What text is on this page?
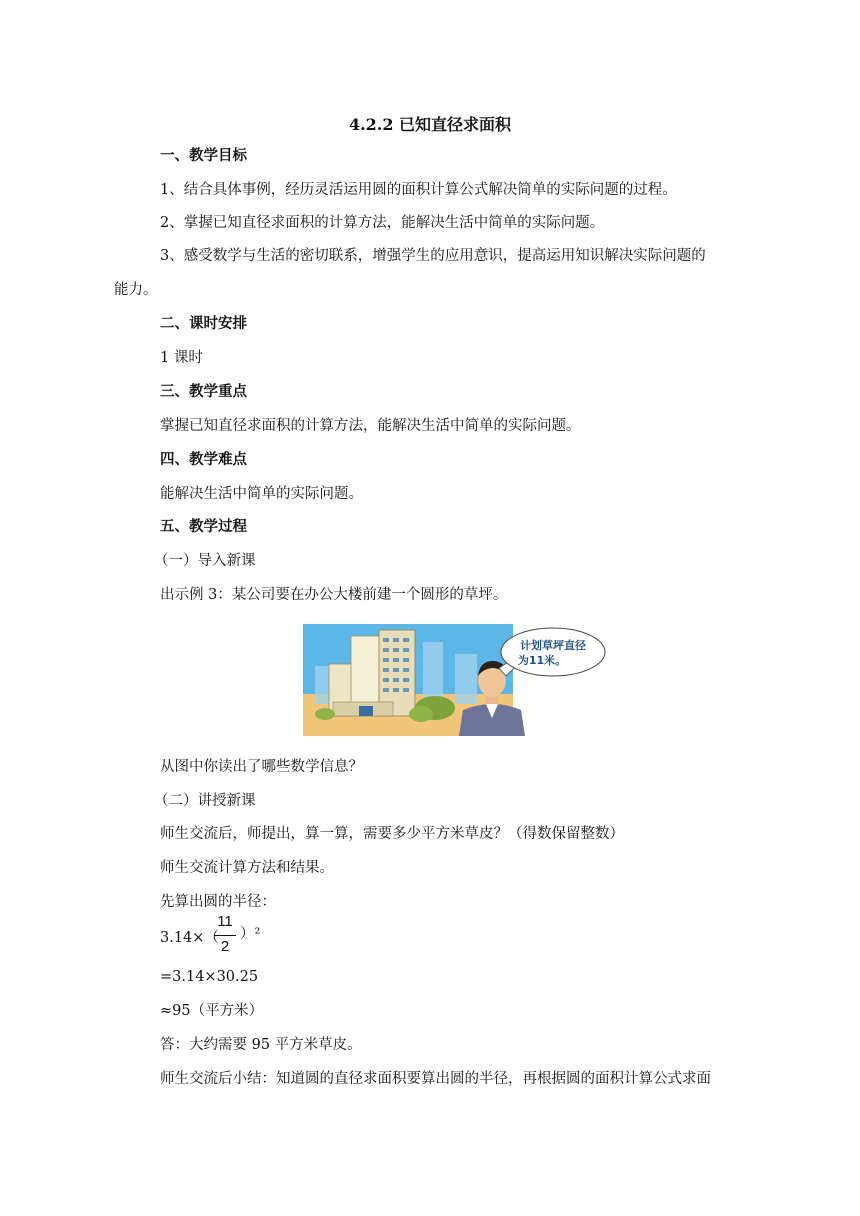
4.2.2 已知直径求面积
一、教学目标
1、结合具体事例，经历灵活运用圆的面积计算公式解决简单的实际问题的过程。
2、掌握已知直径求面积的计算方法，能解决生活中简单的实际问题。
3、感受数学与生活的密切联系，增强学生的应用意识，提高运用知识解决实际问题的
能力。
二、课时安排
1 课时
三、教学重点
掌握已知直径求面积的计算方法，能解决生活中简单的实际问题。
四、教学难点
能解决生活中简单的实际问题。
五、教学过程
（一）导入新课
出示例 3：某公司要在办公大楼前建一个圆形的草坪。
计划草坪直径
为11米。
从图中你读出了哪些数学信息？
（二）讲授新课
师生交流后，师提出，算一算，需要多少平方米草皮？（得数保留整数）
师生交流计算方法和结果。
先算出圆的半径：
3.14×（
11
2
）²
=3.14×30.25
≈95（平方米）
答：大约需要 95 平方米草皮。
师生交流后小结：知道圆的直径求面积要算出圆的半径，再根据圆的面积计算公式求面
